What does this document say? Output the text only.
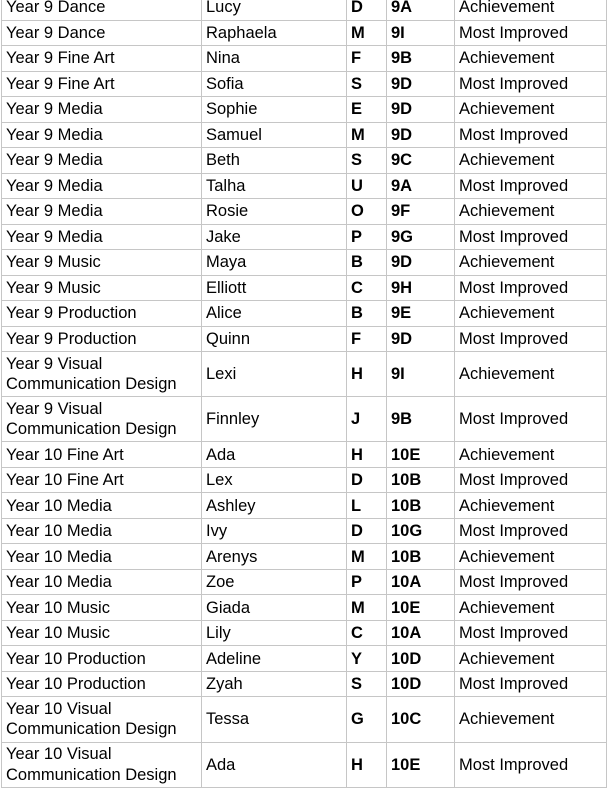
Year 9 Dance	Lucy	D	9A	Achievement
Year 9 Dance	Raphaela	M	9I	Most Improved
Year 9 Fine Art	Nina	F	9B	Achievement
Year 9 Fine Art	Sofia	S	9D	Most Improved
Year 9 Media	Sophie	E	9D	Achievement
Year 9 Media	Samuel	M	9D	Most Improved
Year 9 Media	Beth	S	9C	Achievement
Year 9 Media	Talha	U	9A	Most Improved
Year 9 Media	Rosie	O	9F	Achievement
Year 9 Media	Jake	P	9G	Most Improved
Year 9 Music	Maya	B	9D	Achievement
Year 9 Music	Elliott	C	9H	Most Improved
Year 9 Production	Alice	B	9E	Achievement
Year 9 Production	Quinn	F	9D	Most Improved
Year 9 Visual Communication Design	Lexi	H	9I	Achievement
Year 9 Visual Communication Design	Finnley	J	9B	Most Improved
Year 10 Fine Art	Ada	H	10E	Achievement
Year 10 Fine Art	Lex	D	10B	Most Improved
Year 10 Media	Ashley	L	10B	Achievement
Year 10 Media	Ivy	D	10G	Most Improved
Year 10 Media	Arenys	M	10B	Achievement
Year 10 Media	Zoe	P	10A	Most Improved
Year 10 Music	Giada	M	10E	Achievement
Year 10 Music	Lily	C	10A	Most Improved
Year 10 Production	Adeline	Y	10D	Achievement
Year 10 Production	Zyah	S	10D	Most Improved
Year 10 Visual Communication Design	Tessa	G	10C	Achievement
Year 10 Visual Communication Design	Ada	H	10E	Most Improved
